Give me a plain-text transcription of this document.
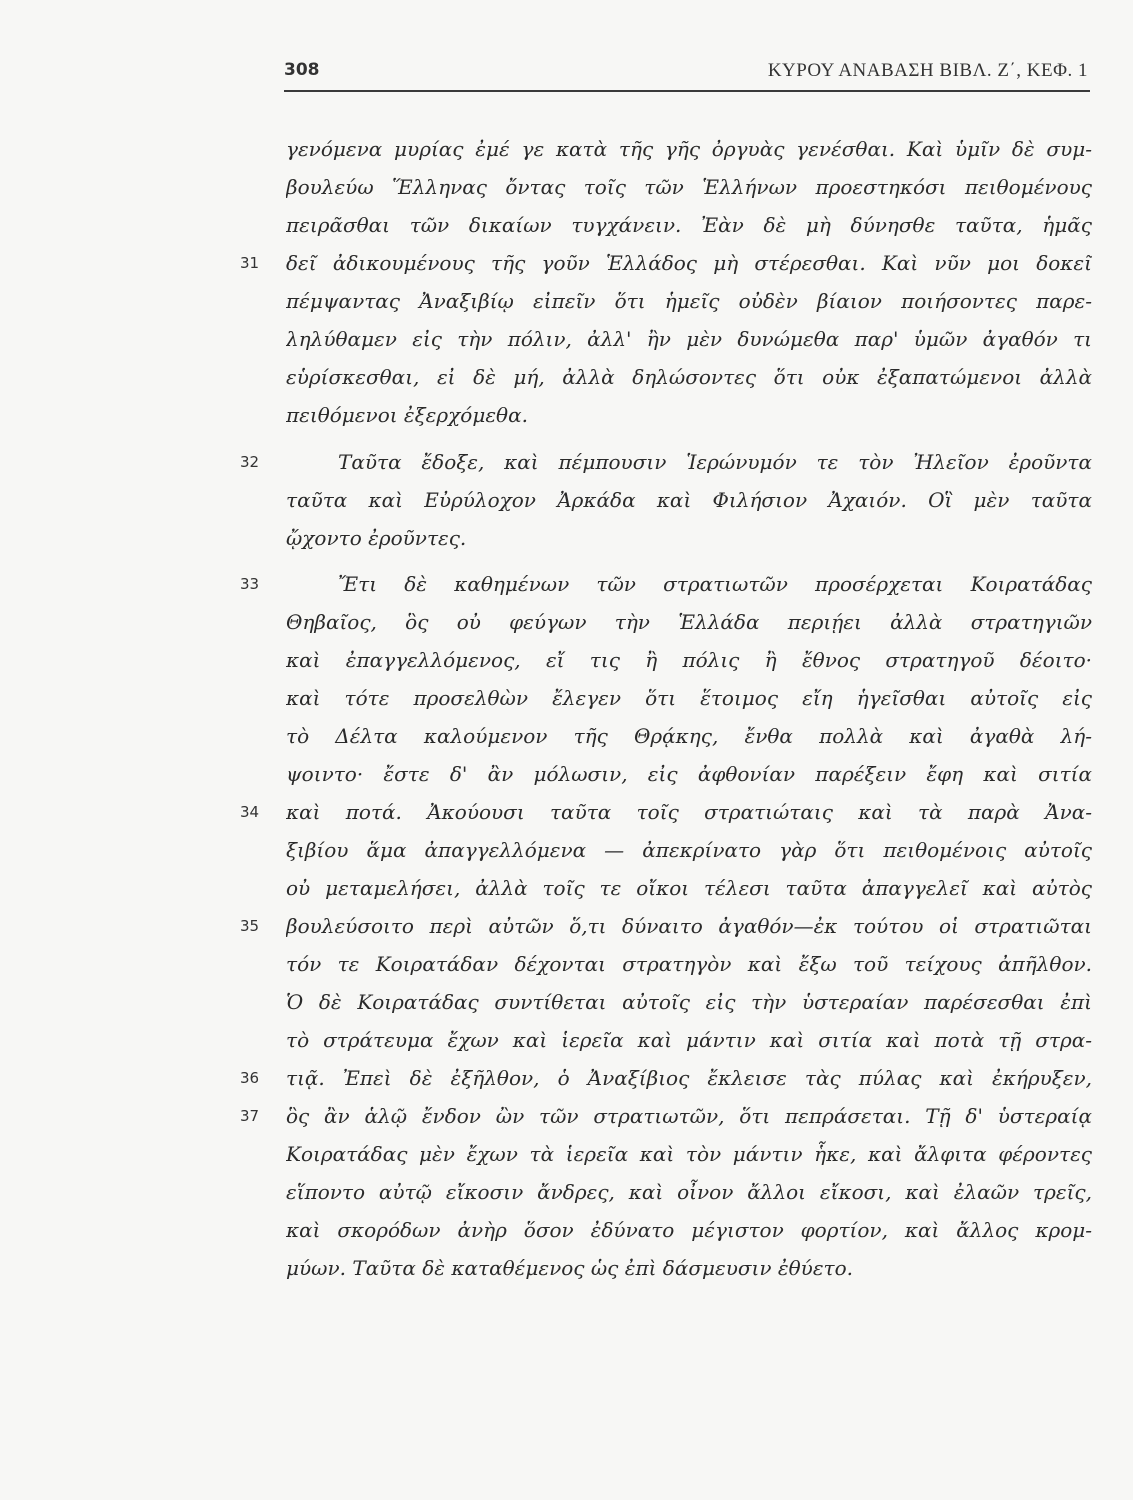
308	ΚΥΡΟΥ ΑΝΑΒΑΣΗ ΒΙΒΛ. Ζ΄, ΚΕΦ. 1
γενόμενα μυρίας ἐμέ γε κατὰ τῆς γῆς ὀργυὰς γενέσθαι. Καὶ ὑμῖν δὲ συμ-
βουλεύω Ἕλληνας ὄντας τοῖς τῶν Ἑλλήνων προεστηκόσι πειθομένους
πειρᾶσθαι τῶν δικαίων τυγχάνειν. Ἐὰν δὲ μὴ δύνησθε ταῦτα, ἡμᾶς
δεῖ ἀδικουμένους τῆς γοῦν Ἑλλάδος μὴ στέρεσθαι. Καὶ νῦν μοι δοκεῖ
πέμψαντας Ἀναξιβίῳ εἰπεῖν ὅτι ἡμεῖς οὐδὲν βίαιον ποιήσοντες παρε-
ληλύθαμεν εἰς τὴν πόλιν, ἀλλ' ἢν μὲν δυνώμεθα παρ' ὑμῶν ἀγαθόν τι
εὑρίσκεσθαι, εἰ δὲ μή, ἀλλὰ δηλώσοντες ὅτι οὐκ ἐξαπατώμενοι ἀλλὰ
πειθόμενοι ἐξερχόμεθα.
Ταῦτα ἔδοξε, καὶ πέμπουσιν Ἱερώνυμόν τε τὸν Ἠλεῖον ἐροῦντα
ταῦτα καὶ Εὐρύλοχον Ἀρκάδα καὶ Φιλήσιον Ἀχαιόν. Οἳ μὲν ταῦτα
ᾤχοντο ἐροῦντες.
Ἔτι δὲ καθημένων τῶν στρατιωτῶν προσέρχεται Κοιρατάδας
Θηβαῖος, ὃς οὐ φεύγων τὴν Ἑλλάδα περιῄει ἀλλὰ στρατηγιῶν
καὶ ἐπαγγελλόμενος, εἴ τις ἢ πόλις ἢ ἔθνος στρατηγοῦ δέοιτο·
καὶ τότε προσελθὼν ἔλεγεν ὅτι ἕτοιμος εἴη ἡγεῖσθαι αὐτοῖς εἰς
τὸ Δέλτα καλούμενον τῆς Θρᾴκης, ἔνθα πολλὰ καὶ ἀγαθὰ λή-
ψοιντο· ἔστε δ' ἂν μόλωσιν, εἰς ἀφθονίαν παρέξειν ἔφη καὶ σιτία
καὶ ποτά. Ἀκούουσι ταῦτα τοῖς στρατιώταις καὶ τὰ παρὰ Ἀνα-
ξιβίου ἅμα ἀπαγγελλόμενα — ἀπεκρίνατο γὰρ ὅτι πειθομένοις αὐτοῖς
οὐ μεταμελήσει, ἀλλὰ τοῖς τε οἴκοι τέλεσι ταῦτα ἀπαγγελεῖ καὶ αὐτὸς
βουλεύσοιτο περὶ αὐτῶν ὅ,τι δύναιτο ἀγαθόν—ἐκ τούτου οἱ στρατιῶται
τόν τε Κοιρατάδαν δέχονται στρατηγὸν καὶ ἔξω τοῦ τείχους ἀπῆλθον.
Ὁ δὲ Κοιρατάδας συντίθεται αὐτοῖς εἰς τὴν ὑστεραίαν παρέσεσθαι ἐπὶ
τὸ στράτευμα ἔχων καὶ ἱερεῖα καὶ μάντιν καὶ σιτία καὶ ποτὰ τῇ στρα-
τιᾷ. Ἐπεὶ δὲ ἐξῆλθον, ὁ Ἀναξίβιος ἔκλεισε τὰς πύλας καὶ ἐκήρυξεν,
ὃς ἂν ἁλῷ ἔνδον ὢν τῶν στρατιωτῶν, ὅτι πεπράσεται. Τῇ δ' ὑστεραίᾳ
Κοιρατάδας μὲν ἔχων τὰ ἱερεῖα καὶ τὸν μάντιν ἧκε, καὶ ἄλφιτα φέροντες
εἵποντο αὐτῷ εἴκοσιν ἄνδρες, καὶ οἶνον ἄλλοι εἴκοσι, καὶ ἐλαῶν τρεῖς,
καὶ σκορόδων ἀνὴρ ὅσον ἐδύνατο μέγιστον φορτίον, καὶ ἄλλος κρομ-
μύων. Ταῦτα δὲ καταθέμενος ὡς ἐπὶ δάσμευσιν ἐθύετο.
31
32
33
34
35
36
37
